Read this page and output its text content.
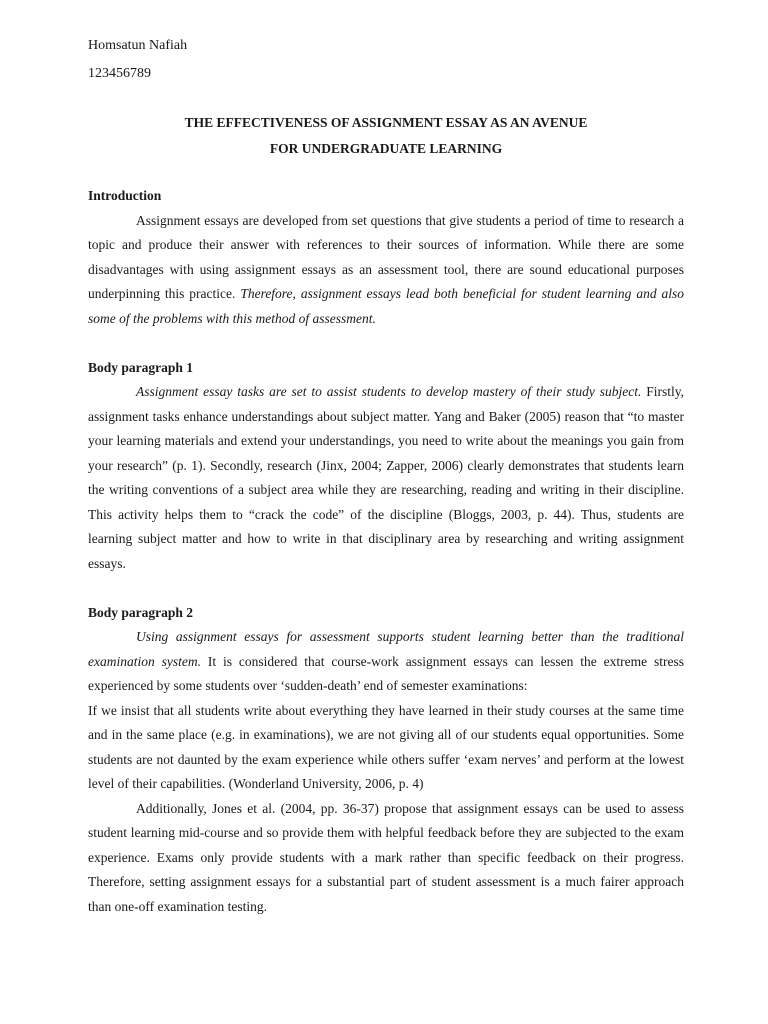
Homsatun Nafiah

123456789

THE EFFECTIVENESS OF ASSIGNMENT ESSAY AS AN AVENUE
FOR UNDERGRADUATE LEARNING

Introduction

Assignment essays are developed from set questions that give students a period of time to research a topic and produce their answer with references to their sources of information. While there are some disadvantages with using assignment essays as an assessment tool, there are sound educational purposes underpinning this practice. Therefore, assignment essays lead both beneficial for student learning and also some of the problems with this method of assessment.

Body paragraph 1

Assignment essay tasks are set to assist students to develop mastery of their study subject. Firstly, assignment tasks enhance understandings about subject matter. Yang and Baker (2005) reason that “to master your learning materials and extend your understandings, you need to write about the meanings you gain from your research” (p. 1). Secondly, research (Jinx, 2004; Zapper, 2006) clearly demonstrates that students learn the writing conventions of a subject area while they are researching, reading and writing in their discipline. This activity helps them to “crack the code” of the discipline (Bloggs, 2003, p. 44). Thus, students are learning subject matter and how to write in that disciplinary area by researching and writing assignment essays.

Body paragraph 2

Using assignment essays for assessment supports student learning better than the traditional examination system. It is considered that course-work assignment essays can lessen the extreme stress experienced by some students over ‘sudden-death’ end of semester examinations:

If we insist that all students write about everything they have learned in their study courses at the same time and in the same place (e.g. in examinations), we are not giving all of our students equal opportunities. Some students are not daunted by the exam experience while others suffer ‘exam nerves’ and perform at the lowest level of their capabilities. (Wonderland University, 2006, p. 4)

Additionally, Jones et al. (2004, pp. 36-37) propose that assignment essays can be used to assess student learning mid-course and so provide them with helpful feedback before they are subjected to the exam experience. Exams only provide students with a mark rather than specific feedback on their progress. Therefore, setting assignment essays for a substantial part of student assessment is a much fairer approach than one-off examination testing.
